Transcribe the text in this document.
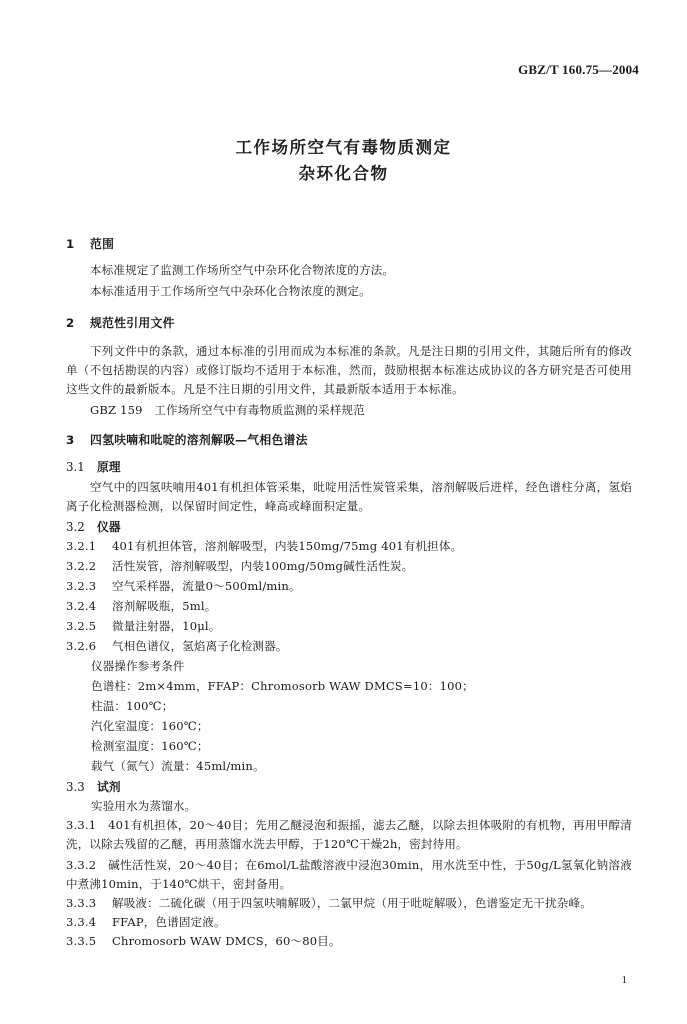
GBZ/T 160.75—2004
工作场所空气有毒物质测定
杂环化合物
1 范围
本标准规定了监测工作场所空气中杂环化合物浓度的方法。
本标准适用于工作场所空气中杂环化合物浓度的测定。
2 规范性引用文件
下列文件中的条款，通过本标准的引用而成为本标准的条款。凡是注日期的引用文件，其随后所有的修改单（不包括勘误的内容）或修订版均不适用于本标准，然而，鼓励根据本标准达成协议的各方研究是否可使用这些文件的最新版本。凡是不注日期的引用文件，其最新版本适用于本标准。
GBZ 159　工作场所空气中有毒物质监测的采样规范
3 四氢呋喃和吡啶的溶剂解吸—气相色谱法
3.1 原理
空气中的四氢呋喃用401有机担体管采集，吡啶用活性炭管采集，溶剂解吸后进样，经色谱柱分离，氢焰离子化检测器检测，以保留时间定性，峰高或峰面积定量。
3.2 仪器
3.2.1 401有机担体管，溶剂解吸型，内装150mg/75mg 401有机担体。
3.2.2 活性炭管，溶剂解吸型，内装100mg/50mg碱性活性炭。
3.2.3 空气采样器，流量0～500ml/min。
3.2.4 溶剂解吸瓶，5ml。
3.2.5 微量注射器，10μl。
3.2.6 气相色谱仪，氢焰离子化检测器。
仪器操作参考条件
色谱柱：2m×4mm，FFAP：Chromosorb WAW DMCS=10：100；
柱温：100℃；
汽化室温度：160℃；
检测室温度：160℃；
载气（氮气）流量：45ml/min。
3.3 试剂
实验用水为蒸馏水。
3.3.1　 401有机担体，20～40目；先用乙醚浸泡和振摇，滤去乙醚，以除去担体吸附的有机物，再用甲醇清洗，以除去残留的乙醚，再用蒸馏水洗去甲醇，于120℃干燥2h，密封待用。
3.3.2　 碱性活性炭，20～40目；在6mol/L盐酸溶液中浸泡30min，用水洗至中性，于50g/L氢氧化钠溶液中煮沸10min，于140℃烘干，密封备用。
3.3.3 解吸液：二硫化碳（用于四氢呋喃解吸），二氯甲烷（用于吡啶解吸），色谱鉴定无干扰杂峰。
3.3.4 FFAP，色谱固定液。
3.3.5 Chromosorb WAW DMCS，60～80目。
1
